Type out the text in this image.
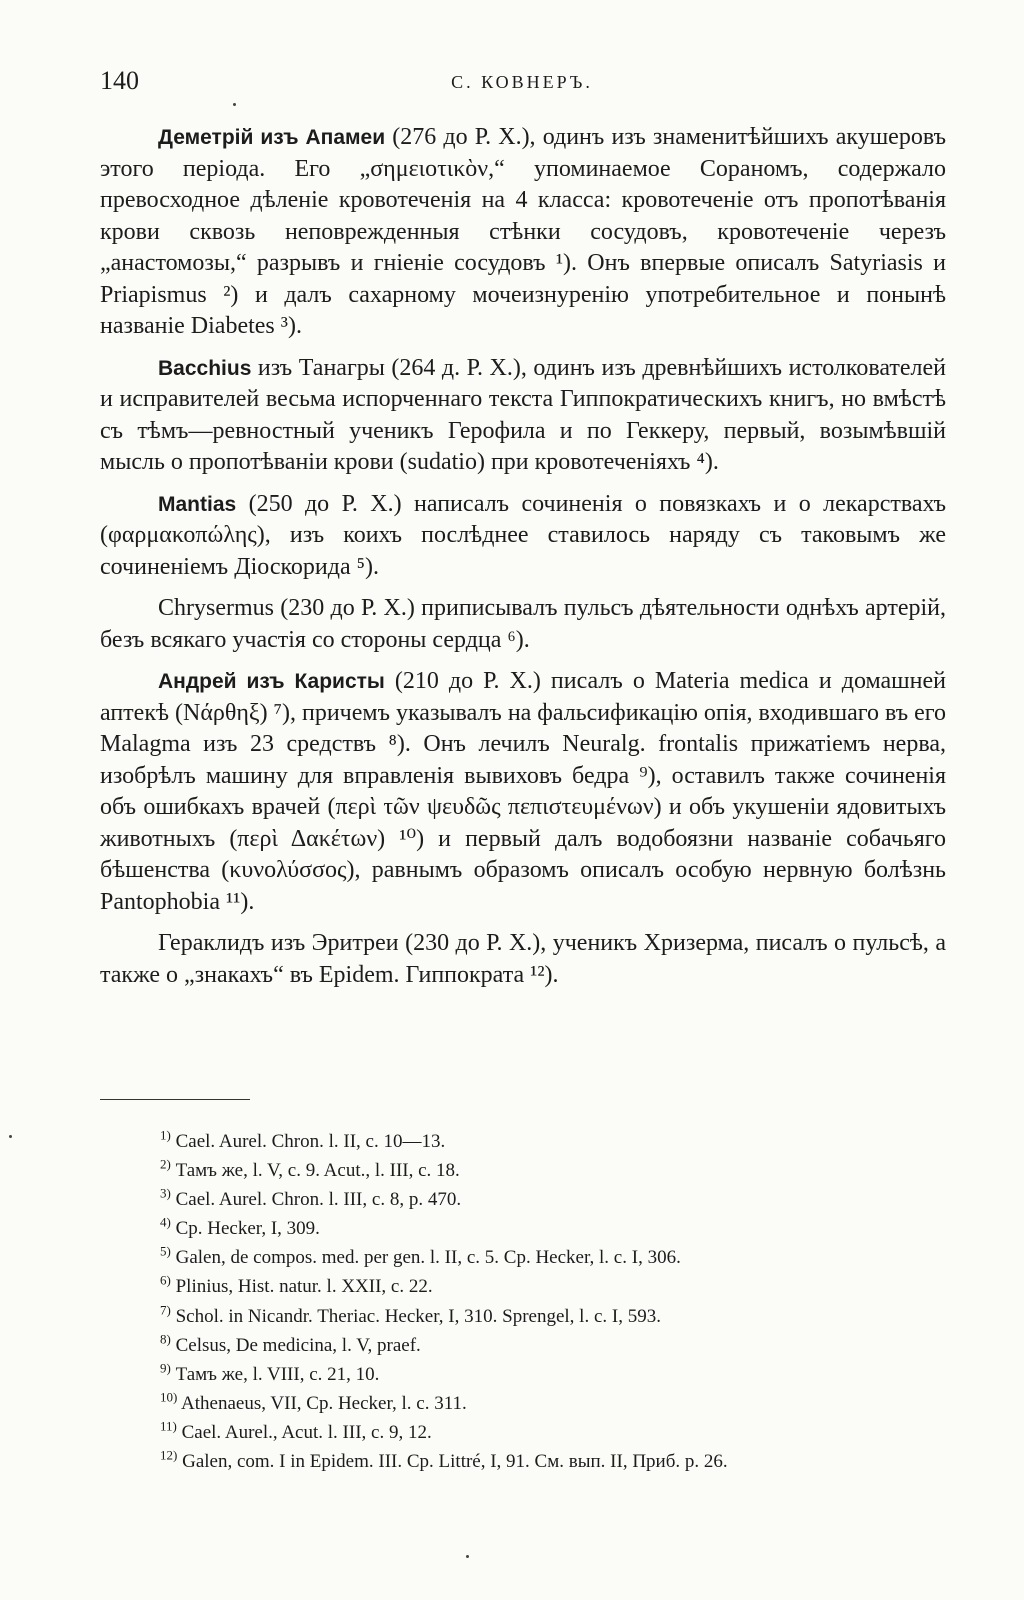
140	С. КОВНЕРЪ.

Деметрій изъ Апамеи (276 до Р. Х.), одинъ изъ знаменитѣйшихъ акушеровъ этого періода. Его „σημειοτικὸν,“ упоминаемое Сораномъ, содержало превосходное дѣленіе кровотеченія на 4 класса: кровотеченіе отъ пропотѣванія крови сквозь неповрежденныя стѣнки сосудовъ, кровотеченіе черезъ „анастомозы,“ разрывъ и гніеніе сосудовъ ¹). Онъ впервые описалъ Satyriasis и Priapismus ²) и далъ сахарному мочеизнуренію употребительное и понынѣ названіе Diabetes ³).

Bacchius изъ Танагры (264 д. Р. Х.), одинъ изъ древнѣйшихъ истолкователей и исправителей весьма испорченнаго текста Гиппократическихъ книгъ, но вмѣстѣ съ тѣмъ—ревностный ученикъ Герофила и по Геккеру, первый, возымѣвшій мысль о пропотѣваніи крови (sudatio) при кровотеченіяхъ ⁴).

Mantias (250 до Р. Х.) написалъ сочиненія о повязкахъ и о лекарствахъ (φαρμακοπώλης), изъ коихъ послѣднее ставилось наряду съ таковымъ же сочиненіемъ Діоскорида ⁵).

Chrysermus (230 до Р. Х.) приписывалъ пульсъ дѣятельности однѣхъ артерій, безъ всякаго участія со стороны сердца ⁶).

Андрей изъ Каристы (210 до Р. Х.) писалъ о Materia medica и домашней аптекѣ (Νάρθηξ) ⁷), причемъ указывалъ на фальсификацію опія, входившаго въ его Malagma изъ 23 средствъ ⁸). Онъ лечилъ Neuralg. frontalis прижатіемъ нерва, изобрѣлъ машину для вправленія вывиховъ бедра ⁹), оставилъ также сочиненія объ ошибкахъ врачей (περὶ τῶν ψευδῶς πεπιστευμένων) и объ укушеніи ядовитыхъ животныхъ (περὶ Δακέτων) ¹⁰) и первый далъ водобоязни названіе собачьяго бѣшенства (κυνολύσσος), равнымъ образомъ описалъ особую нервную болѣзнь Pantophobia ¹¹).

Гераклидъ изъ Эритреи (230 до Р. Х.), ученикъ Хризерма, писалъ о пульсѣ, а также о „знакахъ“ въ Epidem. Гиппократа ¹²).

$^{1)}$ Cael. Aurel. Chron. l. II, c. 10—13.
$^{2)}$ Тамъ же, l. V, c. 9. Acut., l. III, c. 18.
$^{3)}$ Cael. Aurel. Chron. l. III, c. 8, p. 470.
$^{4)}$ Cp. Hecker, I, 309.
$^{5)}$ Galen, de compos. med. per gen. l. II, c. 5. Cp. Hecker, l. c. I, 306.
$^{6)}$ Plinius, Hist. natur. l. XXII, c. 22.
$^{7)}$ Schol. in Nicandr. Theriac. Hecker, I, 310. Sprengel, l. c. I, 593.
$^{8)}$ Celsus, De medicina, l. V, praef.
$^{9)}$ Тамъ же, l. VIII, c. 21, 10.
$^{10)}$ Athenaeus, VII, Cp. Hecker, l. c. 311.
$^{11)}$ Cael. Aurel., Acut. l. III, c. 9, 12.
$^{12)}$ Galen, com. I in Epidem. III. Cp. Littré, I, 91. См. вып. II, Приб. p. 26.
